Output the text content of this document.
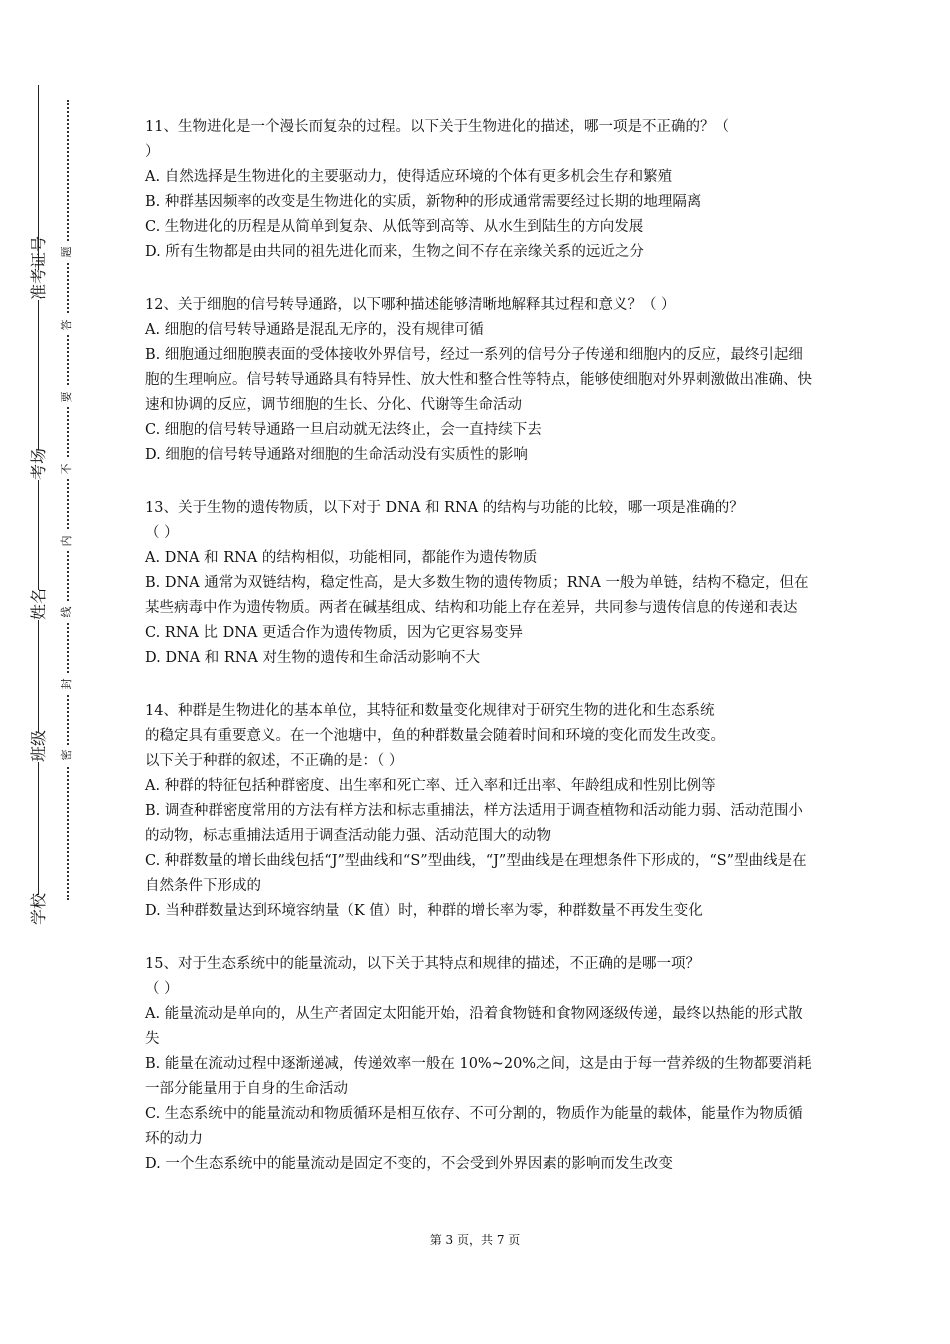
准考证号
考场
姓名
班级
学校
题
答
要
不
内
线
封
密

11、生物进化是一个漫长而复杂的过程。以下关于生物进化的描述，哪一项是不正确的？（

）

A. 自然选择是生物进化的主要驱动力，使得适应环境的个体有更多机会生存和繁殖

B. 种群基因频率的改变是生物进化的实质，新物种的形成通常需要经过长期的地理隔离

C. 生物进化的历程是从简单到复杂、从低等到高等、从水生到陆生的方向发展

D. 所有生物都是由共同的祖先进化而来，生物之间不存在亲缘关系的远近之分

12、关于细胞的信号转导通路，以下哪种描述能够清晰地解释其过程和意义？（ ）

A. 细胞的信号转导通路是混乱无序的，没有规律可循

B. 细胞通过细胞膜表面的受体接收外界信号，经过一系列的信号分子传递和细胞内的反应，最终引起细胞的生理响应。信号转导通路具有特异性、放大性和整合性等特点，能够使细胞对外界刺激做出准确、快速和协调的反应，调节细胞的生长、分化、代谢等生命活动

C. 细胞的信号转导通路一旦启动就无法终止，会一直持续下去

D. 细胞的信号转导通路对细胞的生命活动没有实质性的影响

13、关于生物的遗传物质，以下对于 DNA 和 RNA 的结构与功能的比较，哪一项是准确的？

（ ）

A. DNA 和 RNA 的结构相似，功能相同，都能作为遗传物质

B. DNA 通常为双链结构，稳定性高，是大多数生物的遗传物质；RNA 一般为单链，结构不稳定，但在某些病毒中作为遗传物质。两者在碱基组成、结构和功能上存在差异，共同参与遗传信息的传递和表达

C. RNA 比 DNA 更适合作为遗传物质，因为它更容易变异

D. DNA 和 RNA 对生物的遗传和生命活动影响不大

14、种群是生物进化的基本单位，其特征和数量变化规律对于研究生物的进化和生态系统

的稳定具有重要意义。在一个池塘中，鱼的种群数量会随着时间和环境的变化而发生改变。

以下关于种群的叙述，不正确的是：（ ）

A. 种群的特征包括种群密度、出生率和死亡率、迁入率和迁出率、年龄组成和性别比例等

B. 调查种群密度常用的方法有样方法和标志重捕法，样方法适用于调查植物和活动能力弱、活动范围小的动物，标志重捕法适用于调查活动能力强、活动范围大的动物

C. 种群数量的增长曲线包括“J”型曲线和“S”型曲线，“J”型曲线是在理想条件下形成的，“S”型曲线是在自然条件下形成的

D. 当种群数量达到环境容纳量（K 值）时，种群的增长率为零，种群数量不再发生变化

15、对于生态系统中的能量流动，以下关于其特点和规律的描述，不正确的是哪一项？

（ ）

A. 能量流动是单向的，从生产者固定太阳能开始，沿着食物链和食物网逐级传递，最终以热能的形式散失

B. 能量在流动过程中逐渐递减，传递效率一般在 10%~20%之间，这是由于每一营养级的生物都要消耗一部分能量用于自身的生命活动

C. 生态系统中的能量流动和物质循环是相互依存、不可分割的，物质作为能量的载体，能量作为物质循环的动力

D. 一个生态系统中的能量流动是固定不变的，不会受到外界因素的影响而发生改变

第 3 页，共 7 页
